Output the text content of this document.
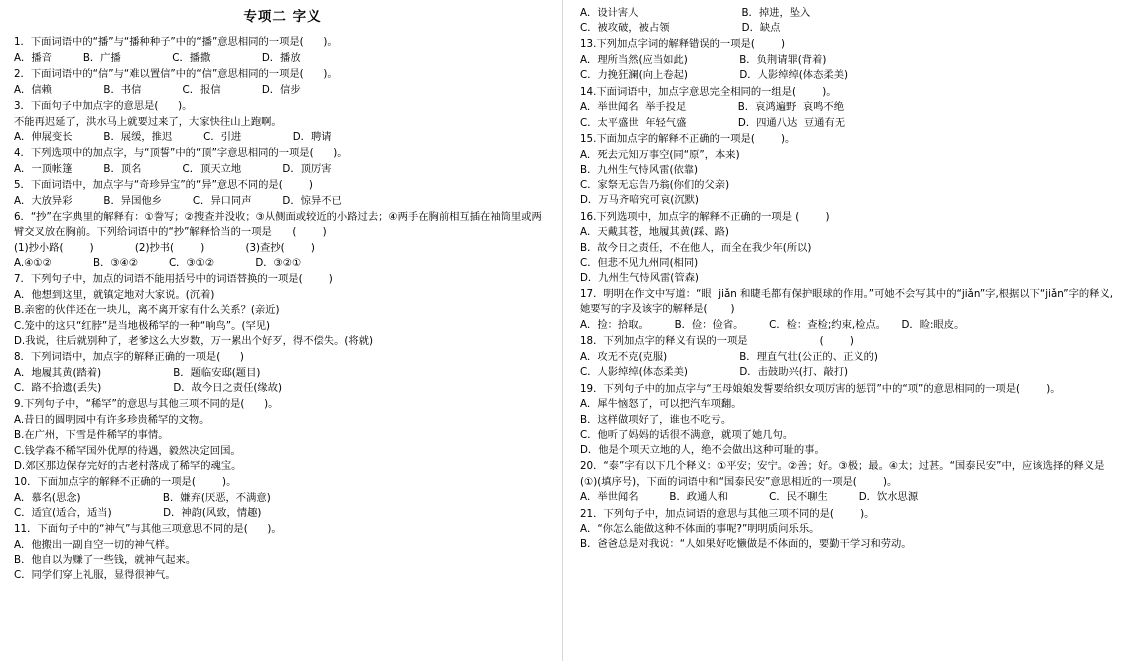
专项二 字义
1．下面词语中的“播”与“播种种子”中的“播”意思相同的一项是(      )。
A．播音　　　B．广播　　　　　C．播撒　　　　　D．播放
2．下面词语中的“信”与“难以置信”中的“信”意思相同的一项是(      )。
A．信赖　　　　　B．书信　　　　C．报信　　　　D．信步
3．下面句子中加点字的意思是(      )。
不能再迟延了，洪水马上就要过来了，大家快往山上跑啊。
A．伸展变长　　　B．展缓，推迟　　　C．引进　　　　　D．聘请
4．下列选项中的加点字，与“顶誓”中的“顶”字意思相同的一项是(      )。
A．一顶帐篷　　　B．顶名　　　　C．顶天立地　　　　D．顶厉害
5．下面词语中，加点字与“奇珍异宝”的“异”意思不同的是(        )
A．大放异彩　　　B．异国他乡　　　C．异口同声　　　D．惊异不已
6．“抄”在字典里的解释有：①誊写；②搜查并没收；③从侧面或较近的小路过去；④两手在胸前相互插在袖筒里或两臂交叉放在胸前。下列给词语中的“抄”解释恰当的一项是　　(        )
(1)抄小路(        )　　　　(2)抄书(        )　　　　(3)查抄(        )
A.④①②　　　　B．③④②　　　C．③①②　　　　D．③②①
7．下列句子中，加点的词语不能用括号中的词语替换的一项是(        )
A．他想到这里，就镇定地对大家说。(沉着)
B.亲密的伙伴还在一块儿，离不离开家有什么关系？(亲近)
C.笼中的这只“红脖”是当地极稀罕的一种“响鸟”。(罕见)
D.我说，往后就别种了，老爹这么大岁数，万一累出个好歹，得不偿失。(将就)
8．下列词语中，加点字的解释正确的一项是(      )
A．地履其黄(踏着)　　　　　　　B．题临安邸(题目)
C．路不拾遗(丢失)　　　　　　　D．故今日之责任(缘故)
9.下列句子中，“稀罕”的意思与其他三项不同的是(      )。
A.昔日的圆明园中有许多珍贵稀罕的文物。
B.在广州，下雪是件稀罕的事情。
C.钱学森不稀罕国外优厚的待遇，毅然决定回国。
D.郊区那边保存完好的古老村落成了稀罕的魂宝。
10．下面加点字的解释不正确的一项是(        )。
A．慕名(思念)　　　　　　　　B．嫌弃(厌恶，不满意)
C．适宜(适合，适当)　　　　　D．神韵(风致，情趣)
11．下面句子中的“神气”与其他三项意思不同的是(      )。
A．他搬出一副自空一切的神气样。
B．他自以为赚了一些钱，就神气起来。
C．同学们穿上礼服，显得很神气。
A．设计害人　　　　　　　　　　B．掉进，坠入
C．被攻破，被占领　　　　　　　D．缺点
13.下列加点字词的解释错误的一项是(        )
A．理所当然(应当如此)　　　　　B．负荆请罪(背着)
C．力挽狂澜(向上卷起)　　　　　D．人影绰绰(体态柔美)
14.下面词语中，加点字意思完全相同的一组是(        )。
A．举世闻名  举手投足　　　　　B．哀鸿遍野  哀鸣不绝
C．太平盛世  年轻气盛　　　　　D．四通八达  豆通有无
15.下面加点字的解释不正确的一项是(        )。
A．死去元知万事空(同“原”，本来)
B．九州生气恃风雷(依靠)
C．家祭无忘告乃翁(你们的父亲)
D．万马齐喑究可哀(沉默)
16.下列选项中，加点字的解释不正确的一项是 (        )
A．天戴其苍，地履其黄(踩、路)
B．故今日之责任，不在他人，而全在我少年(所以)
C．但悲不见九州同(相同)
D．九州生气恃风雷(管森)
17．明明在作文中写道：“眼  jiǎn 和睫毛都有保护眼球的作用。”可她不会写其中的“jiǎn”字,根据以下“jiǎn”字的释义,她要写的字及该字的解释是(       )
A．捡：拾取。　　　B．俭：俭省。　　　C．检：查检;约束,检点。　　D．睑:眼皮。
18．下列加点字的释义有误的一项是　　　　　　　(        )
A．攻无不克(克服)　　　　　　　B．理直气壮(公正的、正义的)
C．人影绰绰(体态柔美)　　　　　D．击鼓助兴(打、敲打)
19．下列句子中的加点字与“王母娘娘发誓要给织女项厉害的惩罚”中的“项”的意思相同的一项是(        )。
A．犀牛恼怒了，可以把汽车项翻。
B．这样做项好了，谁也不吃亏。
C．他听了妈妈的话很不满意，就项了她几句。
D．他是个项天立地的人，绝不会做出这种可耻的事。
20．“泰”字有以下几个释义：①平安；安宁。②善；好。③极；最。④太；过甚。“国泰民安”中，应该选择的释义是(①)(填序号)，下面的词语中和“国泰民安”意思相近的一项是(        )。
A．举世闻名　　　B．政通人和　　　　C．民不聊生　　　D．饮水思源
21．下列句子中，加点词语的意思与其他三项不同的是(        )。
A．“你怎么能做这种不体面的事呢?”明明质问乐乐。
B．爸爸总是对我说：“人如果好吃懒做是不体面的，要勤干学习和劳动。
